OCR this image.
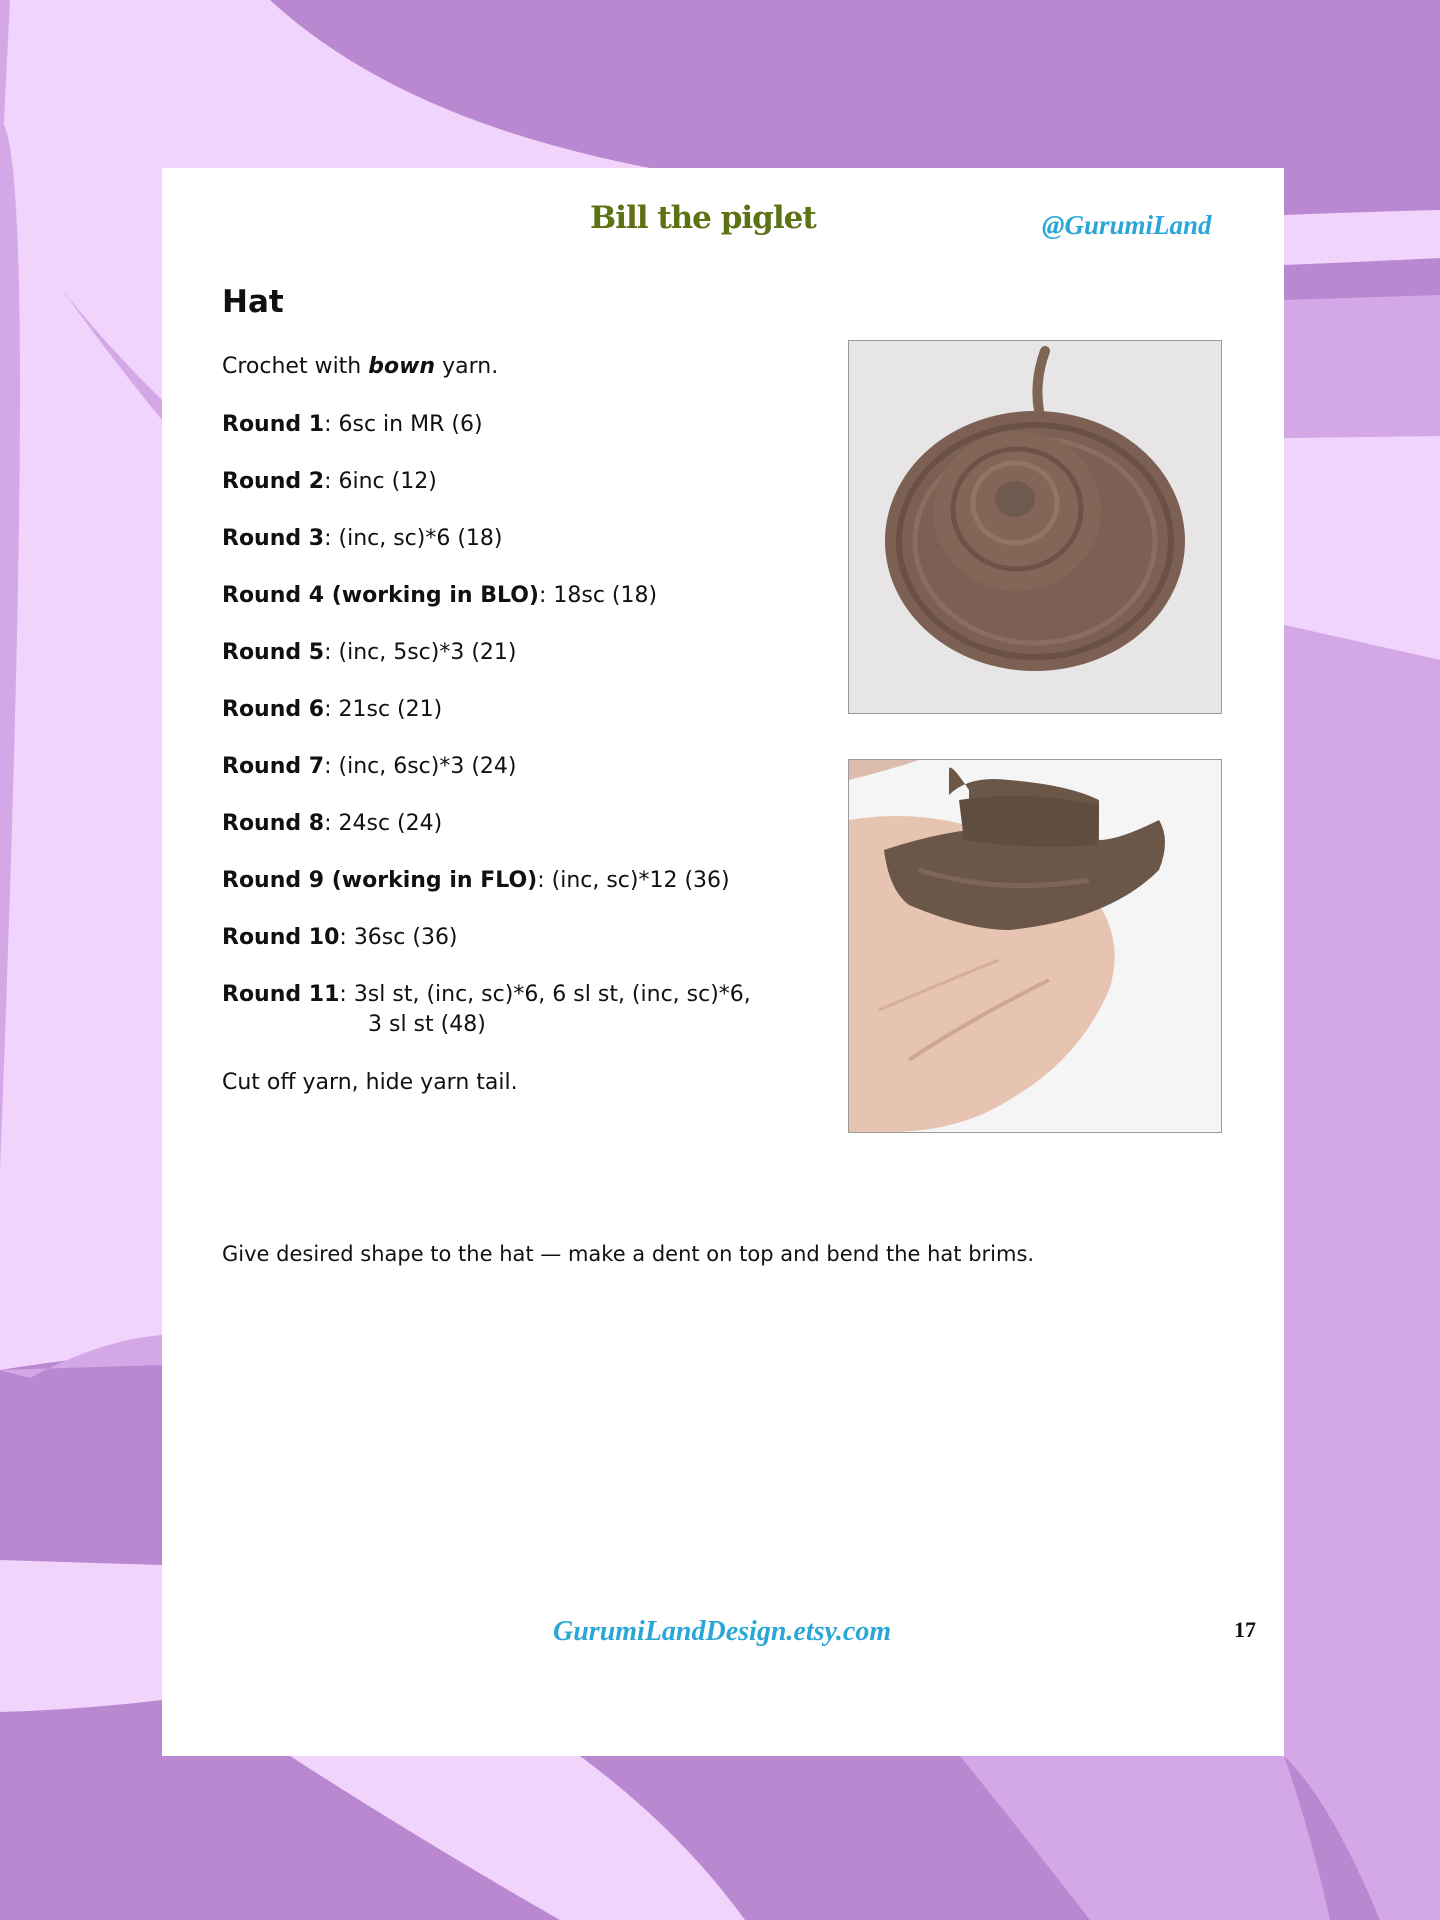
Bill the piglet	@GurumiLand
Hat
Crochet with bown yarn.
Round 1: 6sc in MR (6)
Round 2: 6inc (12)
Round 3: (inc, sc)*6 (18)
Round 4 (working in BLO): 18sc (18)
Round 5: (inc, 5sc)*3 (21)
Round 6: 21sc (21)
Round 7: (inc, 6sc)*3 (24)
Round 8: 24sc (24)
Round 9 (working in FLO): (inc, sc)*12 (36)
Round 10: 36sc (36)
Round 11: 3sl st, (inc, sc)*6, 6 sl st, (inc, sc)*6,
3 sl st (48)
Cut off yarn, hide yarn tail.
Give desired shape to the hat — make a dent on top and bend the hat brims.
GurumiLandDesign.etsy.com	17
